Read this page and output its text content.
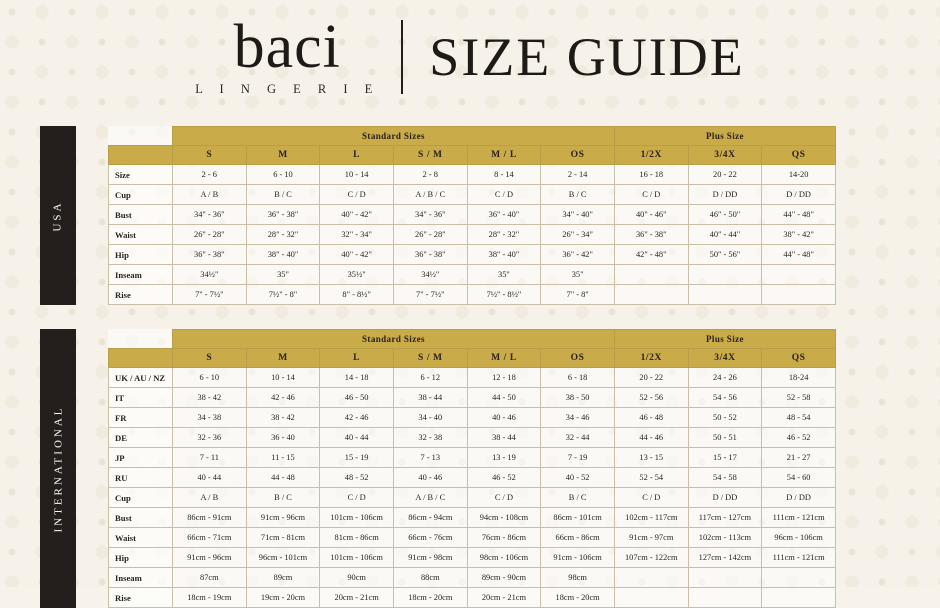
baci
L I N G E R I E
SIZE GUIDE
USA
	Standard Sizes						Plus Size		
	S	M	L	S / M	M / L	OS	1/2X	3/4X	QS
Size	2 - 6	6 - 10	10 - 14	2 - 8	8 - 14	2 - 14	16 - 18	20 - 22	14-20
Cup	A / B	B / C	C / D	A / B / C	C / D	B / C	C / D	D / DD	D / DD
Bust	34" - 36"	36" - 38"	40" - 42"	34" - 36"	36" - 40"	34" - 40"	40" - 46"	46" - 50"	44" - 48"
Waist	26" - 28"	28" - 32"	32" - 34"	26" - 28"	28" - 32"	26" - 34"	36" - 38"	40" - 44"	38" - 42"
Hip	36" - 38"	38" - 40"	40" - 42"	36" - 38"	38" - 40"	36" - 42"	42" - 48"	50" - 56"	44" - 48"
Inseam	34½"	35"	35½"	34½"	35"	35"			
Rise	7" - 7½"	7½" - 8"	8" - 8½"	7" - 7½"	7½" - 8½"	7" - 8"			
INTERNATIONAL
	Standard Sizes						Plus Size		
	S	M	L	S / M	M / L	OS	1/2X	3/4X	QS
UK / AU / NZ	6 - 10	10 - 14	14 - 18	6 - 12	12 - 18	6 - 18	20 - 22	24 - 26	18-24
IT	38 - 42	42 - 46	46 - 50	38 - 44	44 - 50	38 - 50	52 - 56	54 - 56	52 - 58
FR	34 - 38	38 - 42	42 - 46	34 - 40	40 - 46	34 - 46	46 - 48	50 - 52	48 - 54
DE	32 - 36	36 - 40	40 - 44	32 - 38	38 - 44	32 - 44	44 - 46	50 - 51	46 - 52
JP	7 - 11	11 - 15	15 - 19	7 - 13	13 - 19	7 - 19	13 - 15	15 - 17	21 - 27
RU	40 - 44	44 - 48	48 - 52	40 - 46	46 - 52	40 - 52	52 - 54	54 - 58	54 - 60
Cup	A / B	B / C	C / D	A / B / C	C / D	B / C	C / D	D / DD	D / DD
Bust	86cm - 91cm	91cm - 96cm	101cm - 106cm	86cm - 94cm	94cm - 108cm	86cm - 101cm	102cm - 117cm	117cm - 127cm	111cm - 121cm
Waist	66cm - 71cm	71cm - 81cm	81cm - 86cm	66cm - 76cm	76cm - 86cm	66cm - 86cm	91cm - 97cm	102cm - 113cm	96cm - 106cm
Hip	91cm - 96cm	96cm - 101cm	101cm - 106cm	91cm - 98cm	98cm - 106cm	91cm - 106cm	107cm - 122cm	127cm - 142cm	111cm - 121cm
Inseam	87cm	89cm	90cm	88cm	89cm - 90cm	98cm			
Rise	18cm - 19cm	19cm - 20cm	20cm - 21cm	18cm - 20cm	20cm - 21cm	18cm - 20cm			
